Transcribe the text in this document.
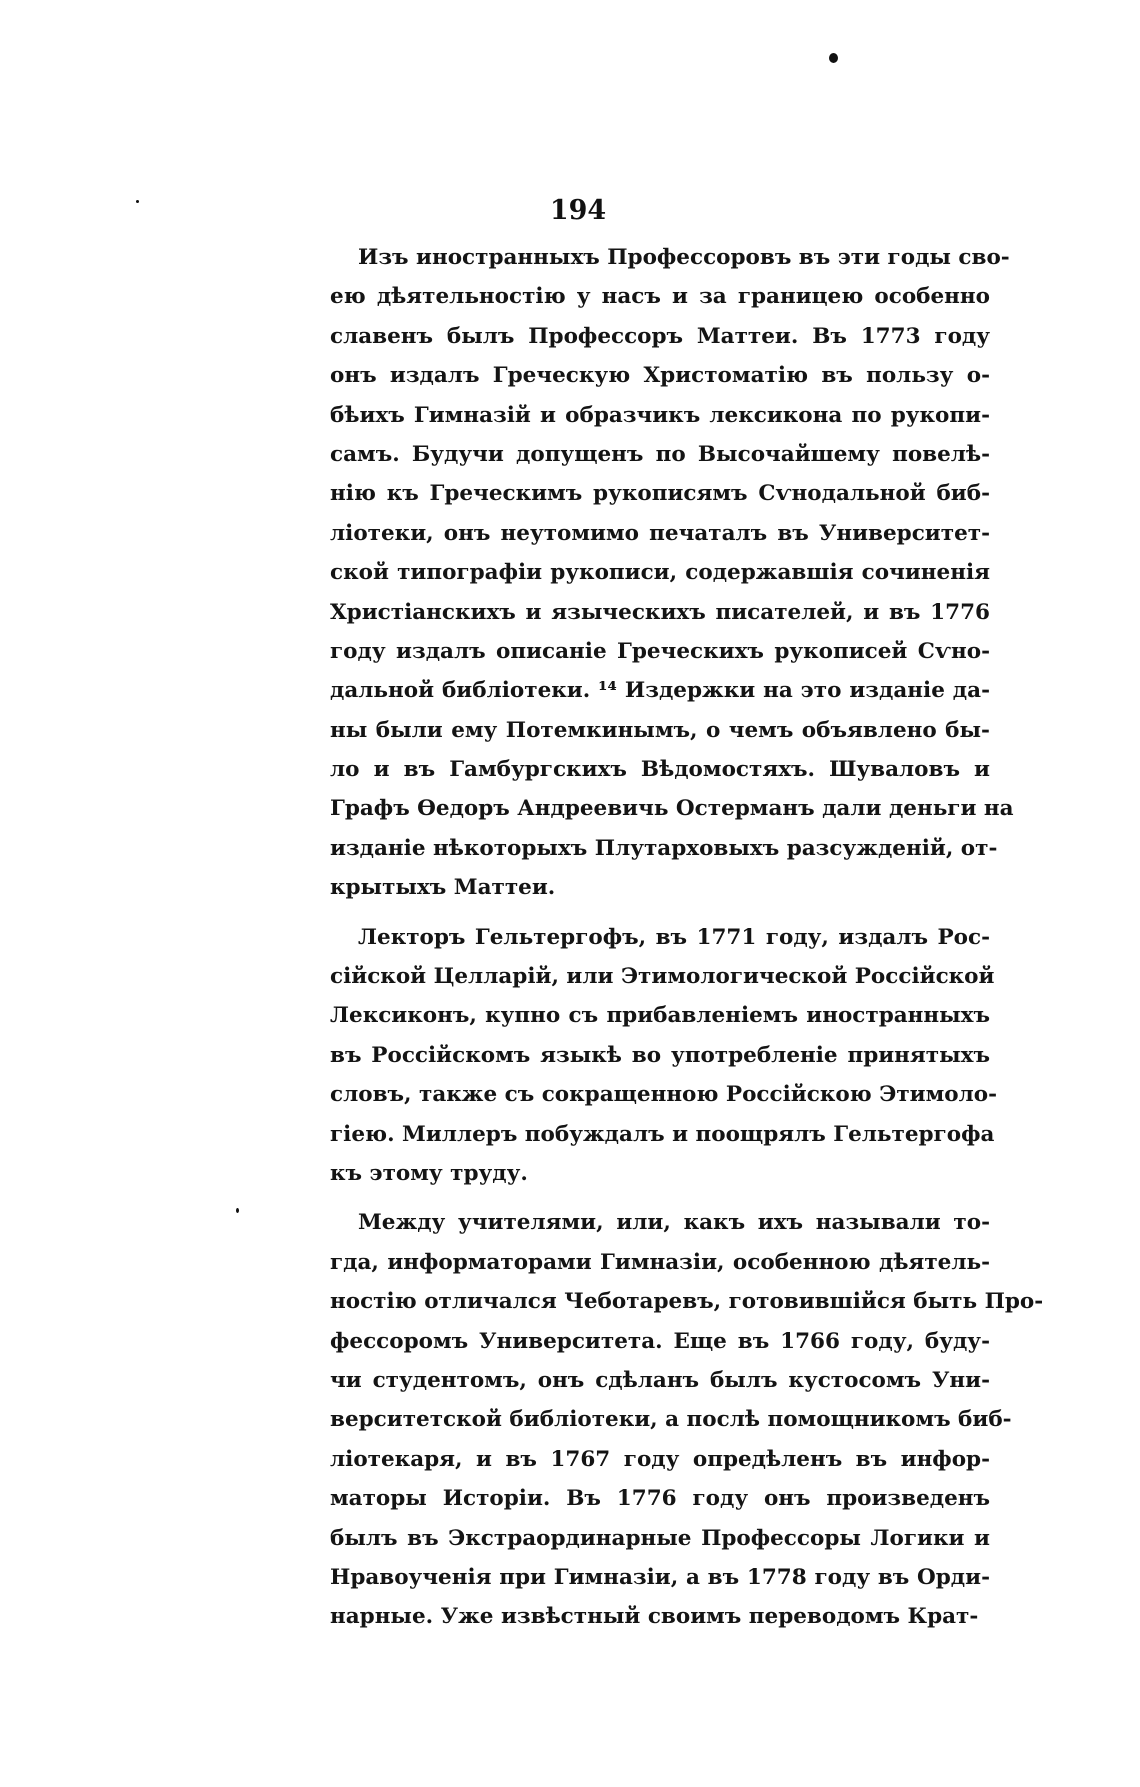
194
Изъ иностранныхъ Профессоровъ въ эти годы сво-
ею дѣятельностію у насъ и за границею особенно
славенъ былъ Профессоръ Маттеи. Въ 1773 году
онъ издалъ Греческую Христоматію въ пользу о-
бѣихъ Гимназій и образчикъ лексикона по рукопи-
самъ. Будучи допущенъ по Высочайшему повелѣ-
нію къ Греческимъ рукописямъ Сѵнодальной биб-
ліотеки, онъ неутомимо печаталъ въ Университет-
ской типографіи рукописи, содержавшія сочиненія
Христіанскихъ и языческихъ писателей, и въ 1776
году издалъ описаніе Греческихъ рукописей Сѵно-
дальной библіотеки. ¹⁴ Издержки на это изданіе да-
ны были ему Потемкинымъ, о чемъ объявлено бы-
ло и въ Гамбургскихъ Вѣдомостяхъ. Шуваловъ и
Графъ Ѳедоръ Андреевичь Остерманъ дали деньги на
изданіе нѣкоторыхъ Плутарховыхъ разсужденій, от-
крытыхъ Маттеи.
Лекторъ Гельтергофъ, въ 1771 году, издалъ Рос-
сійской Целларій, или Этимологической Россійской
Лексиконъ, купно съ прибавленіемъ иностранныхъ
въ Россійскомъ языкѣ во употребленіе принятыхъ
словъ, также съ сокращенною Россійскою Этимоло-
гіею. Миллеръ побуждалъ и поощрялъ Гельтергофа
къ этому труду.
Между учителями, или, какъ ихъ называли то-
гда, информаторами Гимназіи, особенною дѣятель-
ностію отличался Чеботаревъ, готовившійся быть Про-
фессоромъ Университета. Еще въ 1766 году, буду-
чи студентомъ, онъ сдѣланъ былъ кустосомъ Уни-
верситетской библіотеки, а послѣ помощникомъ биб-
ліотекаря, и въ 1767 году опредѣленъ въ инфор-
маторы Исторіи. Въ 1776 году онъ произведенъ
былъ въ Экстраординарные Профессоры Логики и
Нравоученія при Гимназіи, а въ 1778 году въ Орди-
нарные. Уже извѣстный своимъ переводомъ Крат-
